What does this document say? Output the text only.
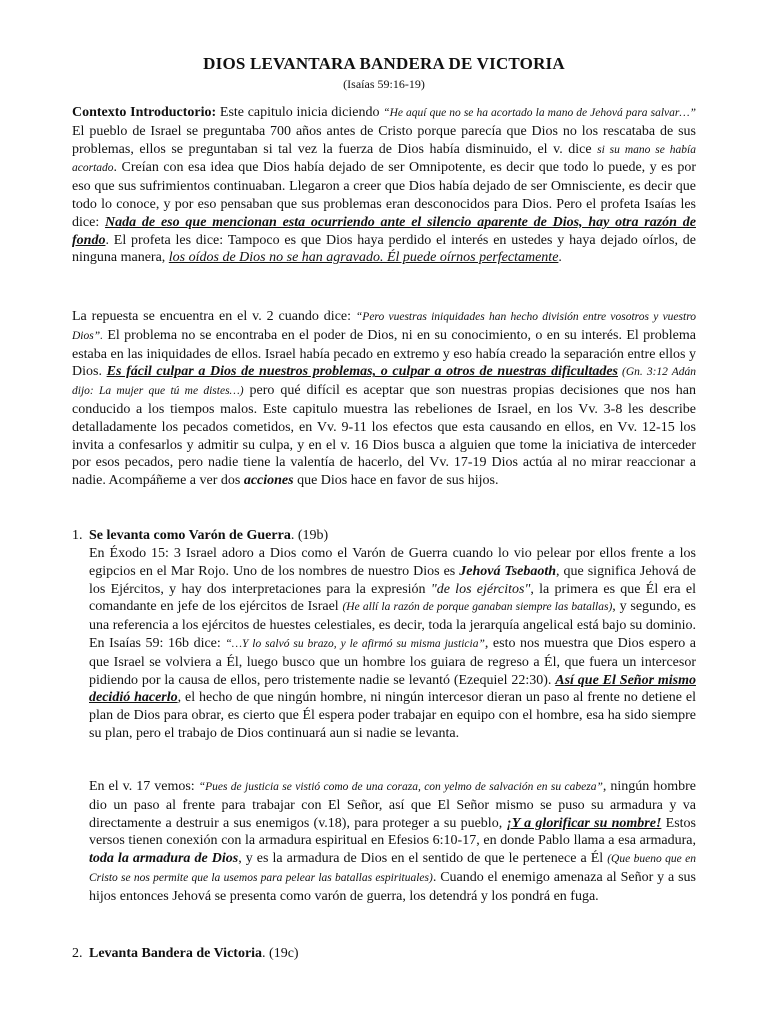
DIOS LEVANTARA BANDERA DE VICTORIA
(Isaías 59:16-19)
Contexto Introductorio: Este capitulo inicia diciendo “He aquí que no se ha acortado la mano de Jehová para salvar…” El pueblo de Israel se preguntaba 700 años antes de Cristo porque parecía que Dios no los rescataba de sus problemas, ellos se preguntaban si tal vez la fuerza de Dios había disminuido, el v. dice si su mano se había acortado. Creían con esa idea que Dios había dejado de ser Omnipotente, es decir que todo lo puede, y es por eso que sus sufrimientos continuaban. Llegaron a creer que Dios había dejado de ser Omnisciente, es decir que todo lo conoce, y por eso pensaban que sus problemas eran desconocidos para Dios. Pero el profeta Isaías les dice: Nada de eso que mencionan esta ocurriendo ante el silencio aparente de Dios, hay otra razón de fondo. El profeta les dice: Tampoco es que Dios haya perdido el interés en ustedes y haya dejado oírlos, de ninguna manera, los oídos de Dios no se han agravado. Él puede oírnos perfectamente.
La repuesta se encuentra en el v. 2 cuando dice: “Pero vuestras iniquidades han hecho división entre vosotros y vuestro Dios”. El problema no se encontraba en el poder de Dios, ni en su conocimiento, o en su interés. El problema estaba en las iniquidades de ellos. Israel había pecado en extremo y eso había creado la separación entre ellos y Dios. Es fácil culpar a Dios de nuestros problemas, o culpar a otros de nuestras dificultades (Gn. 3:12 Adán dijo: La mujer que tú me distes…) pero qué difícil es aceptar que son nuestras propias decisiones que nos han conducido a los tiempos malos. Este capitulo muestra las rebeliones de Israel, en los Vv. 3-8 les describe detalladamente los pecados cometidos, en Vv. 9-11 los efectos que esta causando en ellos, en Vv. 12-15 los invita a confesarlos y admitir su culpa, y en el v. 16 Dios busca a alguien que tome la iniciativa de interceder por esos pecados, pero nadie tiene la valentía de hacerlo, del Vv. 17-19 Dios actúa al no mirar reaccionar a nadie. Acompáñeme a ver dos acciones que Dios hace en favor de sus hijos.
1. Se levanta como Varón de Guerra. (19b)
En Éxodo 15: 3 Israel adoro a Dios como el Varón de Guerra cuando lo vio pelear por ellos frente a los egipcios en el Mar Rojo. Uno de los nombres de nuestro Dios es Jehová Tsebaoth, que significa Jehová de los Ejércitos, y hay dos interpretaciones para la expresión "de los ejércitos", la primera es que Él era el comandante en jefe de los ejércitos de Israel (He allí la razón de porque ganaban siempre las batallas), y segundo, es una referencia a los ejércitos de huestes celestiales, es decir, toda la jerarquía angelical está bajo su dominio. En Isaías 59: 16b dice: “…Y lo salvó su brazo, y le afirmó su misma justicia”, esto nos muestra que Dios espero a que Israel se volviera a Él, luego busco que un hombre los guiara de regreso a Él, que fuera un intercesor pidiendo por la causa de ellos, pero tristemente nadie se levantó (Ezequiel 22:30). Así que El Señor mismo decidió hacerlo, el hecho de que ningún hombre, ni ningún intercesor dieran un paso al frente no detiene el plan de Dios para obrar, es cierto que Él espera poder trabajar en equipo con el hombre, esa ha sido siempre su plan, pero el trabajo de Dios continuará aun si nadie se levanta.
En el v. 17 vemos: “Pues de justicia se vistió como de una coraza, con yelmo de salvación en su cabeza”, ningún hombre dio un paso al frente para trabajar con El Señor, así que El Señor mismo se puso su armadura y va directamente a destruir a sus enemigos (v.18), para proteger a su pueblo, ¡Y a glorificar su nombre! Estos versos tienen conexión con la armadura espiritual en Efesios 6:10-17, en donde Pablo llama a esa armadura, toda la armadura de Dios, y es la armadura de Dios en el sentido de que le pertenece a Él (Que bueno que en Cristo se nos permite que la usemos para pelear las batallas espirituales). Cuando el enemigo amenaza al Señor y a sus hijos entonces Jehová se presenta como varón de guerra, los detendrá y los pondrá en fuga.
2. Levanta Bandera de Victoria. (19c)
